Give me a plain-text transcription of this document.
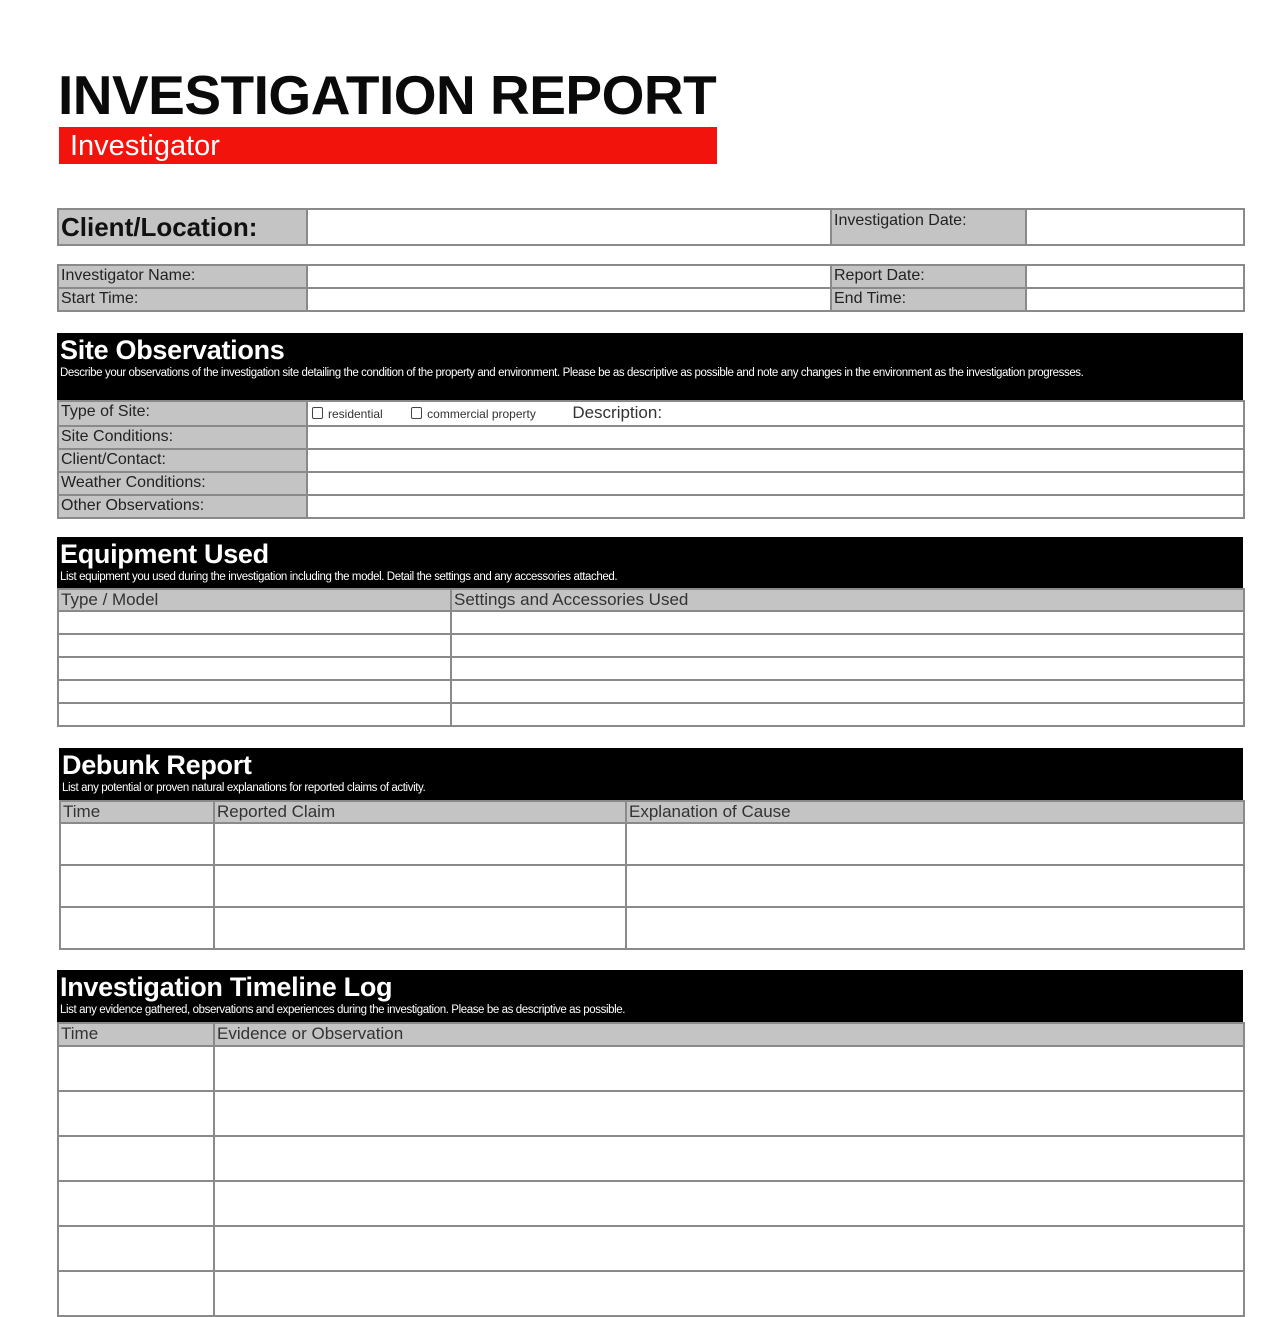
INVESTIGATION REPORT
Investigator
Client/Location:		Investigation Date:	
Investigator Name:		Report Date:	
Start Time:		End Time:	
Site Observations
Describe your observations of the investigation site detailing the condition of the property and environment. Please be as descriptive as possible and note any changes in the environment as the investigation progresses.
Type of Site:	residential commercial property Description:
Site Conditions:	
Client/Contact:	
Weather Conditions:	
Other Observations:	
Equipment Used
List equipment you used during the investigation including the model. Detail the settings and any accessories attached.
Type / Model	Settings and Accessories Used

Debunk Report
List any potential or proven natural explanations for reported claims of activity.
Time	Reported Claim	Explanation of Cause

Investigation Timeline Log
List any evidence gathered, observations and experiences during the investigation. Please be as descriptive as possible.
Time	Evidence or Observation
